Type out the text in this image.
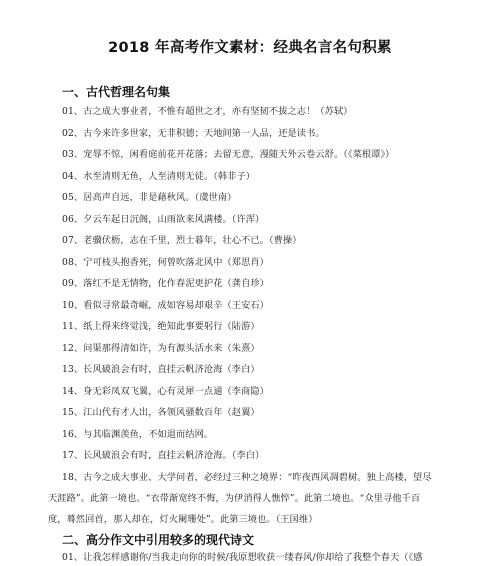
2018 年高考作文素材：经典名言名句积累
一、古代哲理名句集
01、古之成大事业者，不惟有超世之才，亦有坚韧不拔之志！（苏轼）
02、古今来许多世家，无非积德；天地间第一人品，还是读书。
03、宠辱不惊，闲看庭前花开花落；去留无意，漫随天外云卷云舒。（《菜根谭》）
04、水至清则无鱼，人至清则无徒。（韩非子）
05、居高声自远，非是藉秋风。（虞世南）
06、夕云车起日沉阁，山雨欲来风满楼。（许浑）
07、老骥伏枥，志在千里，烈士暮年，壮心不已。（曹操）
08、宁可枝头抱香死，何曾吹落北风中（郑思肖）
09、落红不是无情物，化作春泥更护花（龚自珍）
10、看似寻常最奇崛，成如容易却艰辛（王安石）
11、纸上得来终觉浅，绝知此事要躬行（陆游）
12、问渠那得清如许，为有源头活水来（朱熹）
13、长风破浪会有时，直挂云帆济沧海（李白）
14、身无彩凤双飞翼，心有灵犀一点通（李商隐）
15、江山代有才人出，各领风骚数百年（赵翼）
16、与其临渊羡鱼，不如退而结网。
17、长风破浪会有时，直挂云帆济沧海。（李白）
18、古今之成大事业、大学问者，必经过三种之境界：“昨夜西风凋碧树。独上高楼，望尽
天涯路”。此第一境也。“衣带渐宽终不悔，为伊消得人憔悴”。此第二境也。“众里寻他千百
度，蓦然回首，那人却在，灯火阑珊处”。此第三境也。（王国维）
二、高分作文中引用较多的现代诗文
01、让我怎样感谢你/当我走向你的时候/我原想收获一缕春风/你却给了我整个春天（《感
